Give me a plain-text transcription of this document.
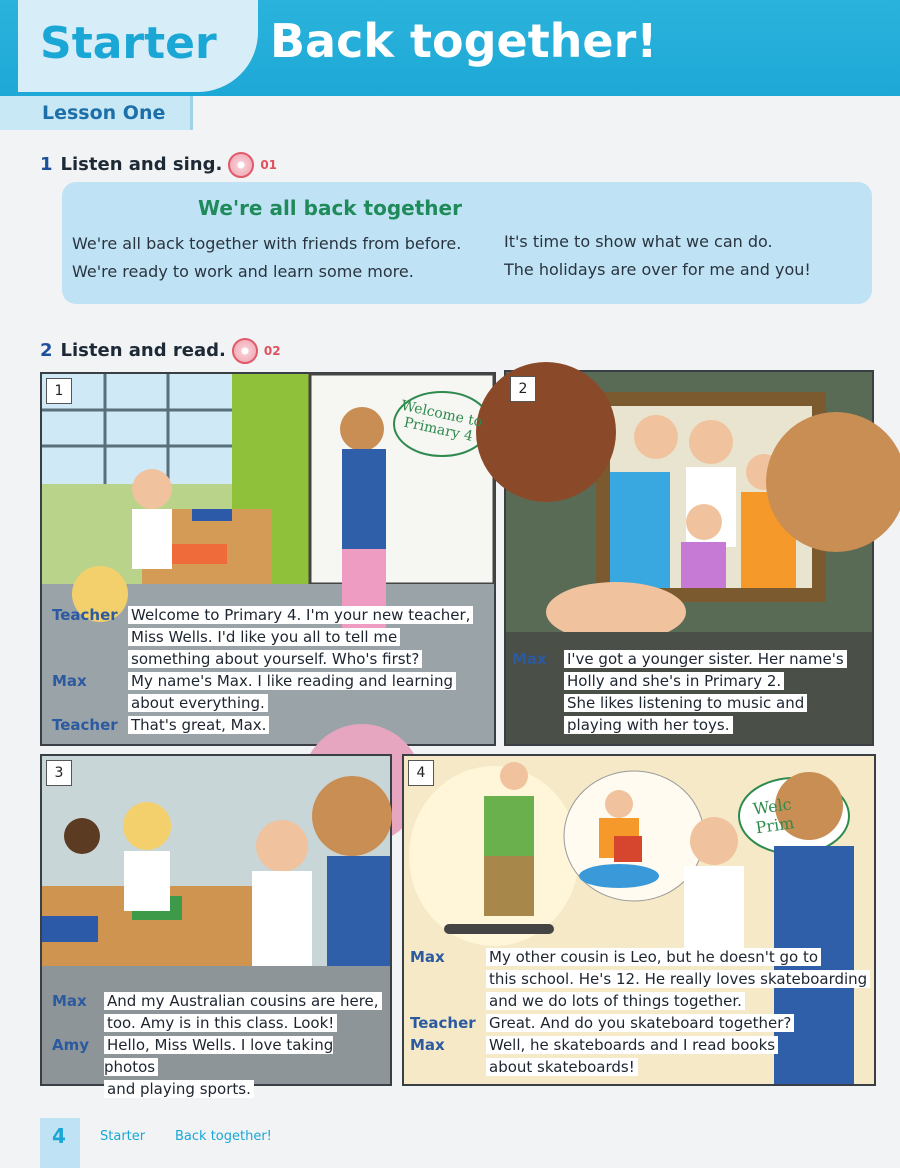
Starter Back together!
Lesson One
1 Listen and sing.	01
We're all back together
We're all back together with friends from before.
We're ready to work and learn some more.
It's time to show what we can do.
The holidays are over for me and you!
2 Listen and read.	02
1
Welcome to Primary 4
Teacher Welcome to Primary 4. I'm your new teacher,
Miss Wells. I'd like you all to tell me
something about yourself. Who's first?
Max	My name's Max. I like reading and learning
about everything.
Teacher That's great, Max.
2
Max	I've got a younger sister. Her name's
Holly and she's in Primary 2.
She likes listening to music and
playing with her toys.
3
Max	And my Australian cousins are here,
too. Amy is in this class. Look!
Amy	Hello, Miss Wells. I love taking photos
and playing sports.
4
Welc Prim
Max	My other cousin is Leo, but he doesn't go to
this school. He's 12. He really loves skateboarding
and we do lots of things together.
Teacher Great. And do you skateboard together?
Max	Well, he skateboards and I read books
about skateboards!
4	Starter Back together!
